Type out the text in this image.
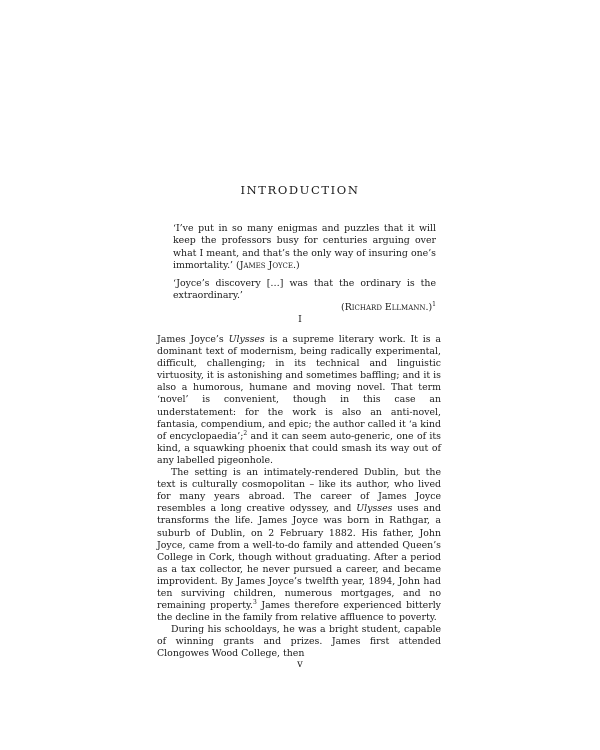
INTRODUCTION

‘I’ve put in so many enigmas and puzzles that it will keep the professors busy for centuries arguing over what I meant, and that’s the only way of insuring one’s immortality.’ (James Joyce.)

‘Joyce’s discovery […] was that the ordinary is the extraordinary.’
(Richard Ellmann.)$^1$

I

James Joyce’s Ulysses is a supreme literary work. It is a dominant text of modernism, being radically experimental, difficult, challenging; in its technical and linguistic virtuosity, it is astonishing and sometimes baffling; and it is also a humorous, humane and moving novel. That term ‘novel’ is convenient, though in this case an understatement: for the work is also an anti-novel, fantasia, compendium, and epic; the author called it ‘a kind of encyclopaedia’;$^2$ and it can seem auto-generic, one of its kind, a squawking phoenix that could smash its way out of any labelled pigeonhole.

The setting is an intimately-rendered Dublin, but the text is culturally cosmopolitan – like its author, who lived for many years abroad. The career of James Joyce resembles a long creative odyssey, and Ulysses uses and transforms the life. James Joyce was born in Rathgar, a suburb of Dublin, on 2 February 1882. His father, John Joyce, came from a well-to-do family and attended Queen’s College in Cork, though without graduating. After a period as a tax collector, he never pursued a career, and became improvident. By James Joyce’s twelfth year, 1894, John had ten surviving children, numerous mortgages, and no remaining property.$^3$ James therefore experienced bitterly the decline in the family from relative affluence to poverty.

During his schooldays, he was a bright student, capable of winning grants and prizes. James first attended Clongowes Wood College, then

v
